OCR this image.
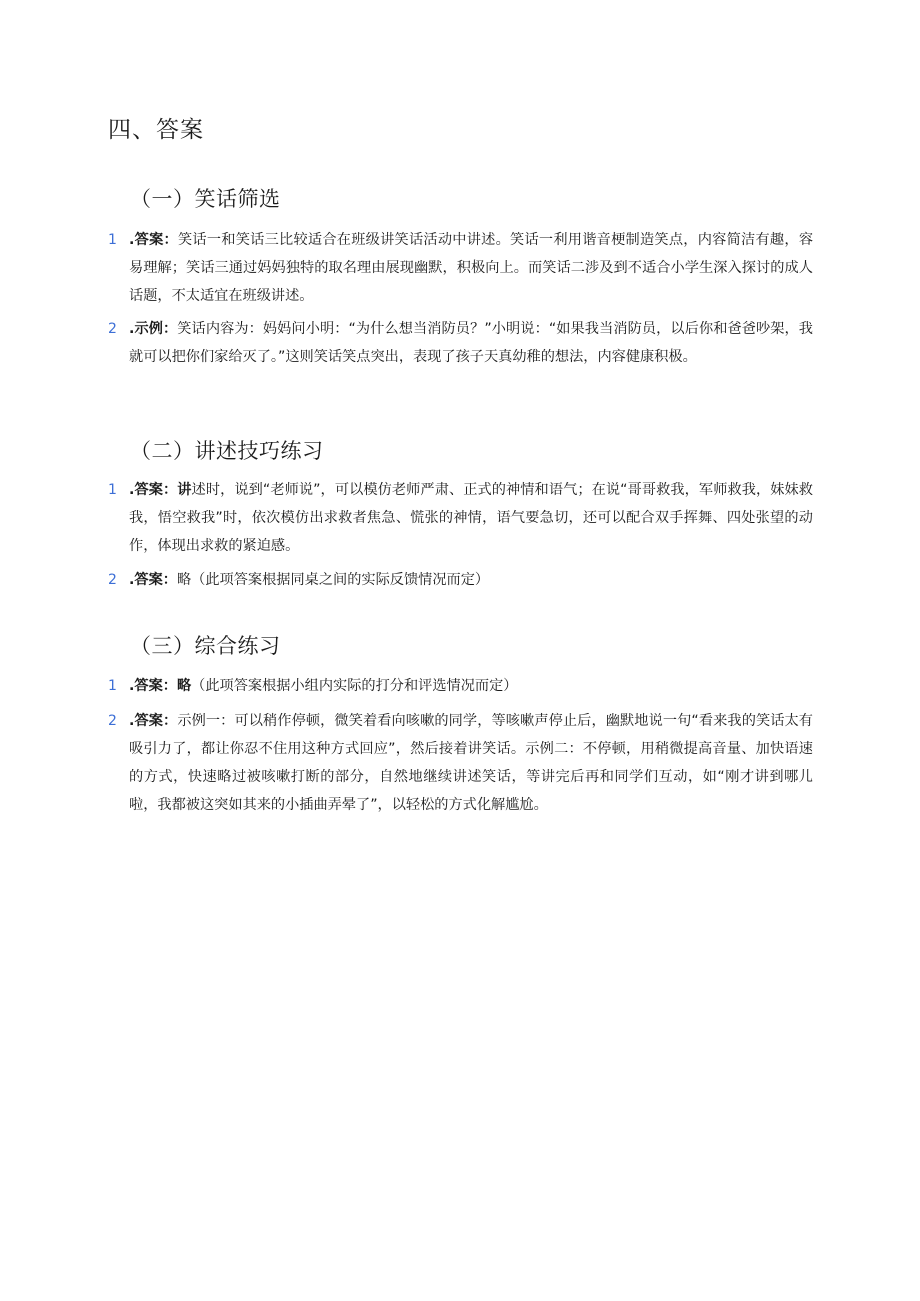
四、答案
（一）笑话筛选
1 .答案：笑话一和笑话三比较适合在班级讲笑话活动中讲述。笑话一利用谐音梗制造笑点，内容简洁有趣，容易理解；笑话三通过妈妈独特的取名理由展现幽默，积极向上。而笑话二涉及到不适合小学生深入探讨的成人话题，不太适宜在班级讲述。
2 .示例：笑话内容为：妈妈问小明：“为什么想当消防员？”小明说：“如果我当消防员，以后你和爸爸吵架，我就可以把你们家给灭了。”这则笑话笑点突出，表现了孩子天真幼稚的想法，内容健康积极。
（二）讲述技巧练习
1 .答案：讲述时，说到“老师说”，可以模仿老师严肃、正式的神情和语气；在说“哥哥救我，军师救我，妹妹救我，悟空救我”时，依次模仿出求救者焦急、慌张的神情，语气要急切，还可以配合双手挥舞、四处张望的动作，体现出求救的紧迫感。
2 .答案：略（此项答案根据同桌之间的实际反馈情况而定）
（三）综合练习
1 .答案：略（此项答案根据小组内实际的打分和评选情况而定）
2 .答案：示例一：可以稍作停顿，微笑着看向咳嗽的同学，等咳嗽声停止后，幽默地说一句“看来我的笑话太有吸引力了，都让你忍不住用这种方式回应”，然后接着讲笑话。示例二：不停顿，用稍微提高音量、加快语速的方式，快速略过被咳嗽打断的部分，自然地继续讲述笑话，等讲完后再和同学们互动，如“刚才讲到哪儿啦，我都被这突如其来的小插曲弄晕了”，以轻松的方式化解尴尬。
